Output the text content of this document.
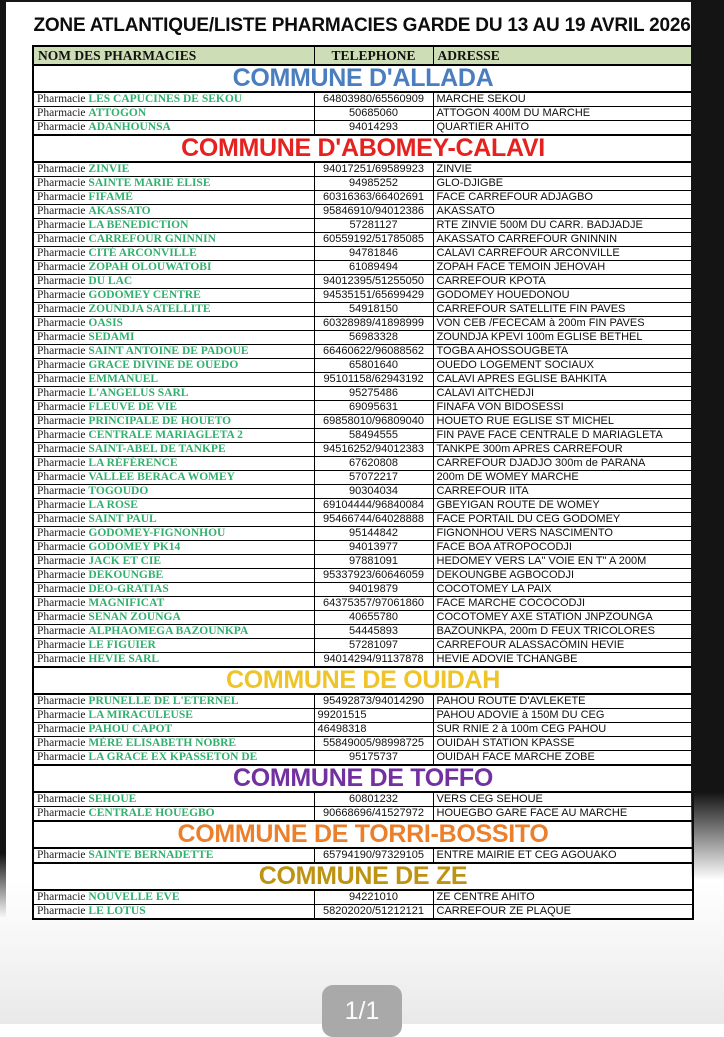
ZONE ATLANTIQUE/LISTE PHARMACIES GARDE DU 13 AU 19 AVRIL 2026
NOM DES PHARMACIES	TELEPHONE	ADRESSE
COMMUNE D'ALLADA		
Pharmacie LES CAPUCINES DE SEKOU	64803980/65560909	MARCHE SEKOU
Pharmacie ATTOGON	50685060	ATTOGON 400M DU MARCHE
Pharmacie ADANHOUNSA	94014293	QUARTIER AHITO
COMMUNE D'ABOMEY-CALAVI		
Pharmacie ZINVIE	94017251/69589923	ZINVIE
Pharmacie SAINTE MARIE ELISE	94985252	GLO-DJIGBE
Pharmacie FIFAMÈ	60316363/66402691	FACE CARREFOUR ADJAGBO
Pharmacie AKASSATO	95846910/94012386	AKASSATO
Pharmacie LA BENEDICTION	57281127	RTE ZINVIE 500M DU CARR. BADJADJE
Pharmacie CARREFOUR GNINNIN	60559192/51785085	AKASSATO CARREFOUR GNINNIN
Pharmacie CITÉ ARCONVILLE	94781846	CALAVI CARREFOUR ARCONVILLE
Pharmacie ZOPAH OLOUWATOBI	61089494	ZOPAH FACE TEMOIN JEHOVAH
Pharmacie DU LAC	94012395/51255050	CARREFOUR KPOTA
Pharmacie GODOMEY CENTRE	94535151/65699429	GODOMEY HOUEDONOU
Pharmacie ZOUNDJA SATELLITE	54918150	CARREFOUR SATELLITE FIN PAVES
Pharmacie OASIS	60328989/41898999	VON CEB /FECECAM à 200m FIN PAVES
Pharmacie SEDAMI	56983328	ZOUNDJA KPEVI 100m EGLISE BETHEL
Pharmacie SAINT ANTOINE DE PADOUE	66460622/96088562	TOGBA AHOSSOUGBETA
Pharmacie GRACE DIVINE DE OUEDO	65801640	OUEDO LOGEMENT SOCIAUX
Pharmacie EMMANUEL	95101158/62943192	CALAVI APRES EGLISE BAHKITA
Pharmacie L'ANGELUS SARL	95275486	CALAVI AITCHEDJI
Pharmacie FLEUVE DE VIE	69095631	FINAFA VON BIDOSESSI
Pharmacie PRINCIPALE DE HOUETO	69858010/96809040	HOUETO RUE EGLISE ST MICHEL
Pharmacie CENTRALE MARIAGLETA 2	58494555	FIN PAVE FACE CENTRALE D MARIAGLETA
Pharmacie SAINT-ABEL DE TANKPE	94516252/94012383	TANKPE 300m APRES CARREFOUR
Pharmacie LA RÉFÉRENCE	67620808	CARREFOUR DJADJO 300m de PARANA
Pharmacie VALLEE BERACA WOMEY	57072217	200m DE WOMEY MARCHE
Pharmacie TOGOUDO	90304034	CARREFOUR IITA
Pharmacie LA ROSE	69104444/96840084	GBEYIGAN ROUTE DE WOMEY
Pharmacie SAINT PAUL	95466744/64028888	FACE PORTAIL DU CEG GODOMEY
Pharmacie GODOMEY-FIGNONHOU	95144842	FIGNONHOU VERS NASCIMENTO
Pharmacie GODOMEY PK14	94013977	FACE BOA ATROPOCODJI
Pharmacie JACK ET CIE	97881091	HEDOMEY VERS LA" VOIE EN T" A 200M
Pharmacie DEKOUNGBE	95337923/60646059	DEKOUNGBE AGBOCODJI
Pharmacie DEO-GRATIAS	94019879	COCOTOMEY LA PAIX
Pharmacie MAGNIFICAT	64375357/97061860	FACE MARCHE COCOCODJI
Pharmacie SENAN ZOUNGA	40655780	COCOTOMEY AXE STATION JNPZOUNGA
Pharmacie ALPHAOMEGA BAZOUNKPA	54445893	BAZOUNKPA, 200m D FEUX TRICOLORES
Pharmacie LE FIGUIER	57281097	CARREFOUR ALASSACÔMIN HEVIE
Pharmacie HEVIE SARL	94014294/91137878	HEVIE ADOVIE TCHANGBE
COMMUNE DE OUIDAH		
Pharmacie PRUNELLE DE L'ETERNEL	95492873/94014290	PAHOU ROUTE D'AVLEKETE
Pharmacie LA MIRACULEUSE	99201515	PAHOU ADOVIE à 150M DU CEG
Pharmacie PAHOU CAPOT	46498318	SUR RNIE 2 à 100m CEG PAHOU
Pharmacie MÈRE ELISABETH NOBRE	55849005/98998725	OUIDAH STATION KPASSE
Pharmacie LA GRACE EX KPASSETON DE	95175737	OUIDAH FACE MARCHE ZOBE
COMMUNE DE TOFFO		
Pharmacie SEHOUE	60801232	VERS CEG SEHOUE
Pharmacie CENTRALE HOUEGBO	90668696/41527972	HOUEGBO GARE FACE AU MARCHE
COMMUNE DE TORRI-BOSSITO		
Pharmacie SAINTE BERNADETTE	65794190/97329105	ENTRE MAIRIE ET CEG AGOUAKO
COMMUNE DE ZE		
Pharmacie NOUVELLE EVE	94221010	ZE CENTRE AHITO
Pharmacie LE LOTUS	58202020/51212121	CARREFOUR ZE PLAQUE
1/1
